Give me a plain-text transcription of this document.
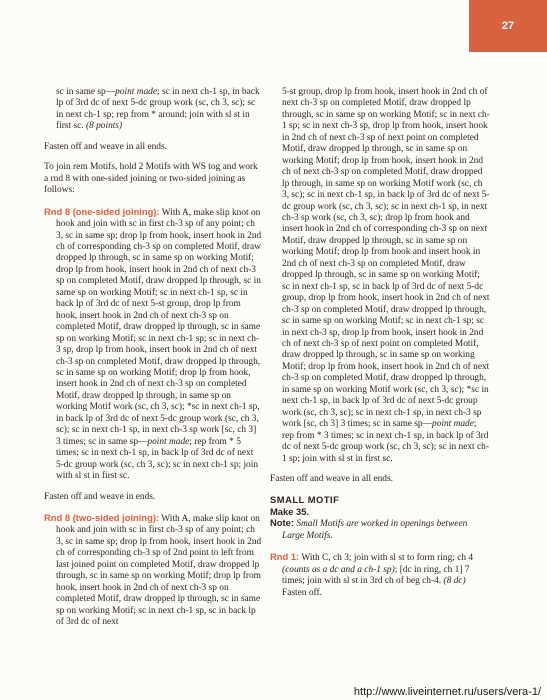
27

sc in same sp—point made; sc in next ch-1 sp, in back lp of 3rd dc of next 5-dc group work (sc, ch 3, sc); sc in next ch-1 sp; rep from * around; join with sl st in first sc. (8 points)

Fasten off and weave in all ends.

To join rem Motifs, hold 2 Motifs with WS tog and work a rnd 8 with one-sided joining or two-sided joining as follows:

Rnd 8 (one-sided joining): With A, make slip knot on hook and join with sc in first ch-3 sp of any point; ch 3, sc in same sp; drop lp from hook, insert hook in 2nd ch of corresponding ch-3 sp on completed Motif, draw dropped lp through, sc in same sp on working Motif; drop lp from hook, insert hook in 2nd ch of next ch-3 sp on completed Motif, draw dropped lp through, sc in same sp on working Motif; sc in next ch-1 sp, sc in back lp of 3rd dc of next 5-st group, drop lp from hook, insert hook in 2nd ch of next ch-3 sp on completed Motif, draw dropped lp through, sc in same sp on working Motif; sc in next ch-1 sp; sc in next ch-3 sp, drop lp from hook, insert hook in 2nd ch of next ch-3 sp on completed Motif, draw dropped lp through, sc in same sp on working Motif; drop lp from hook, insert hook in 2nd ch of next ch-3 sp on completed Motif, draw dropped lp through, in same sp on working Motif work (sc, ch 3, sc); *sc in next ch-1 sp, in back lp of 3rd dc of next 5-dc group work (sc, ch 3, sc); sc in next ch-1 sp, in next ch-3 sp work [sc, ch 3] 3 times; sc in same sp—point made; rep from * 5 times; sc in next ch-1 sp, in back lp of 3rd dc of next 5-dc group work (sc, ch 3, sc); sc in next ch-1 sp; join with sl st in first sc.

Fasten off and weave in ends.

Rnd 8 (two-sided joining): With A, make slip knot on hook and join with sc in first ch-3 sp of any point; ch 3, sc in same sp; drop lp from hook, insert hook in 2nd ch of corresponding ch-3 sp of 2nd point to left from last joined point on completed Motif, draw dropped lp through, sc in same sp on working Motif; drop lp from hook, insert hook in 2nd ch of next ch-3 sp on completed Motif, draw dropped lp through, sc in same sp on working Motif; sc in next ch-1 sp, sc in back lp of 3rd dc of next

5-st group, drop lp from hook, insert hook in 2nd ch of next ch-3 sp on completed Motif, draw dropped lp through, sc in same sp on working Motif; sc in next ch-1 sp; sc in next ch-3 sp, drop lp from hook, insert hook in 2nd ch of next ch-3 sp of next point on completed Motif, draw dropped lp through, sc in same sp on working Motif; drop lp from hook, insert hook in 2nd ch of next ch-3 sp on completed Motif, draw dropped lp through, in same sp on working Motif work (sc, ch 3, sc); sc in next ch-1 sp, in back lp of 3rd dc of next 5-dc group work (sc, ch 3, sc); sc in next ch-1 sp, in next ch-3 sp work (sc, ch 3, sc); drop lp from hook and insert hook in 2nd ch of corresponding ch-3 sp on next Motif, draw dropped lp through, sc in same sp on working Motif; drop lp from hook and insert hook in 2nd ch of next ch-3 sp on completed Motif, draw dropped lp through, sc in same sp on working Motif; sc in next ch-1 sp, sc in back lp of 3rd dc of next 5-dc group, drop lp from hook, insert hook in 2nd ch of next ch-3 sp on completed Motif, draw dropped lp through, sc in same sp on working Motif; sc in next ch-1 sp; sc in next ch-3 sp, drop lp from hook, insert hook in 2nd ch of next ch-3 sp of next point on completed Motif, draw dropped lp through, sc in same sp on working Motif; drop lp from hook, insert hook in 2nd ch of next ch-3 sp on completed Motif, draw dropped lp through, in same sp on working Motif work (sc, ch 3, sc); *sc in next ch-1 sp, in back lp of 3rd dc of next 5-dc group work (sc, ch 3, sc); sc in next ch-1 sp, in next ch-3 sp work [sc, ch 3] 3 times; sc in same sp—point made; rep from * 3 times; sc in next ch-1 sp, in back lp of 3rd dc of next 5-dc group work (sc, ch 3, sc); sc in next ch-1 sp; join with sl st in first sc.

Fasten off and weave in all ends.

SMALL MOTIF

Make 35.

Note: Small Motifs are worked in openings between Large Motifs.

Rnd 1: With C, ch 3; join with sl st to form ring; ch 4 (counts as a dc and a ch-1 sp); [dc in ring, ch 1] 7 times; join with sl st in 3rd ch of beg ch-4. (8 dc) Fasten off.

http://www.liveinternet.ru/users/vera-1/
